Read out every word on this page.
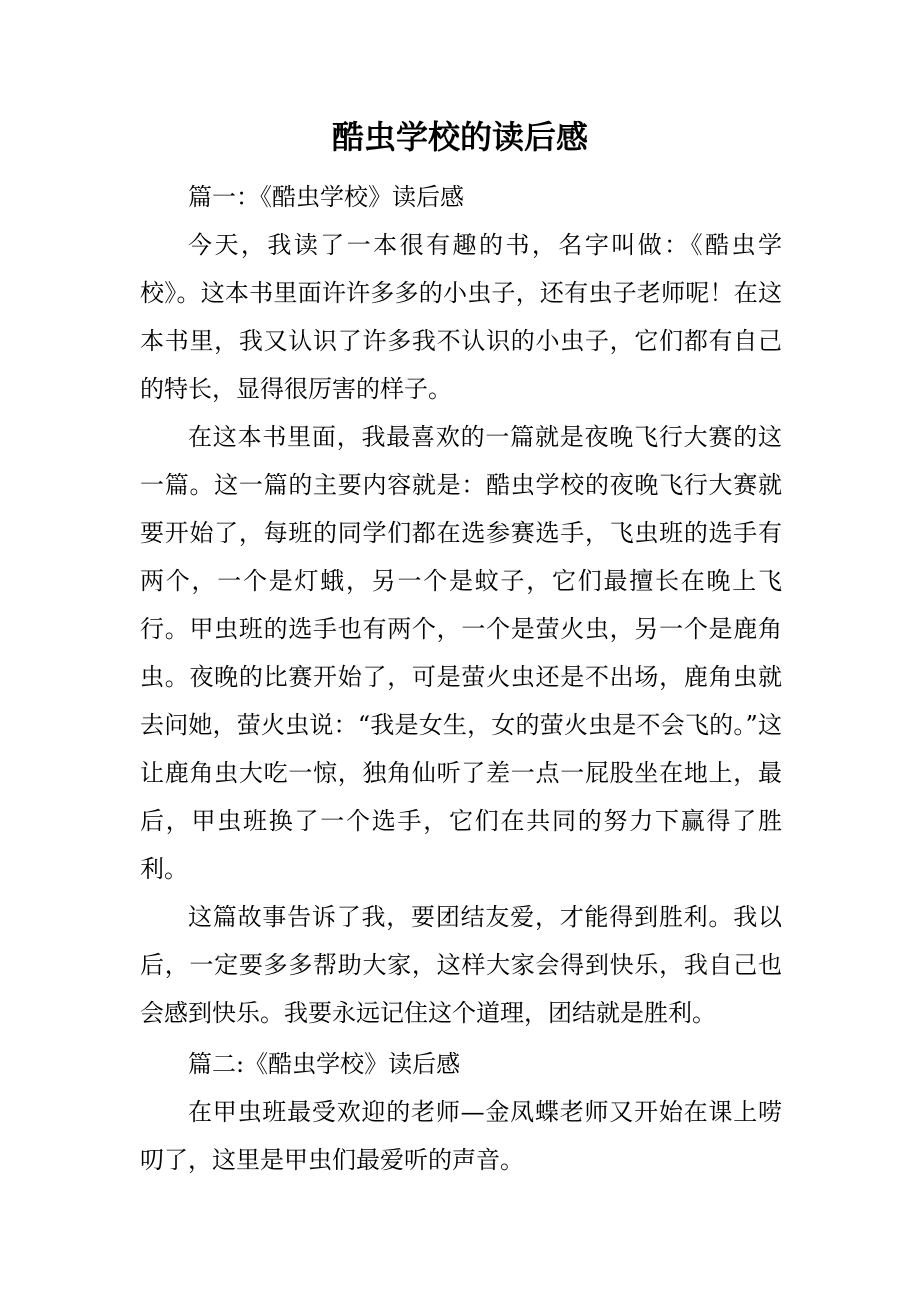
酷虫学校的读后感
篇一：《酷虫学校》读后感

今天，我读了一本很有趣的书，名字叫做：《酷虫学校》。这本书里面许许多多的小虫子，还有虫子老师呢！在这本书里，我又认识了许多我不认识的小虫子，它们都有自己的特长，显得很厉害的样子。

在这本书里面，我最喜欢的一篇就是夜晚飞行大赛的这一篇。这一篇的主要内容就是：酷虫学校的夜晚飞行大赛就要开始了，每班的同学们都在选参赛选手，飞虫班的选手有两个，一个是灯蛾，另一个是蚊子，它们最擅长在晚上飞行。甲虫班的选手也有两个，一个是萤火虫，另一个是鹿角虫。夜晚的比赛开始了，可是萤火虫还是不出场，鹿角虫就去问她，萤火虫说：“我是女生，女的萤火虫是不会飞的。”这让鹿角虫大吃一惊，独角仙听了差一点一屁股坐在地上，最后，甲虫班换了一个选手，它们在共同的努力下赢得了胜利。

这篇故事告诉了我，要团结友爱，才能得到胜利。我以后，一定要多多帮助大家，这样大家会得到快乐，我自己也会感到快乐。我要永远记住这个道理，团结就是胜利。

篇二:《酷虫学校》读后感

在甲虫班最受欢迎的老师—金凤蝶老师又开始在课上唠叨了，这里是甲虫们最爱听的声音。
